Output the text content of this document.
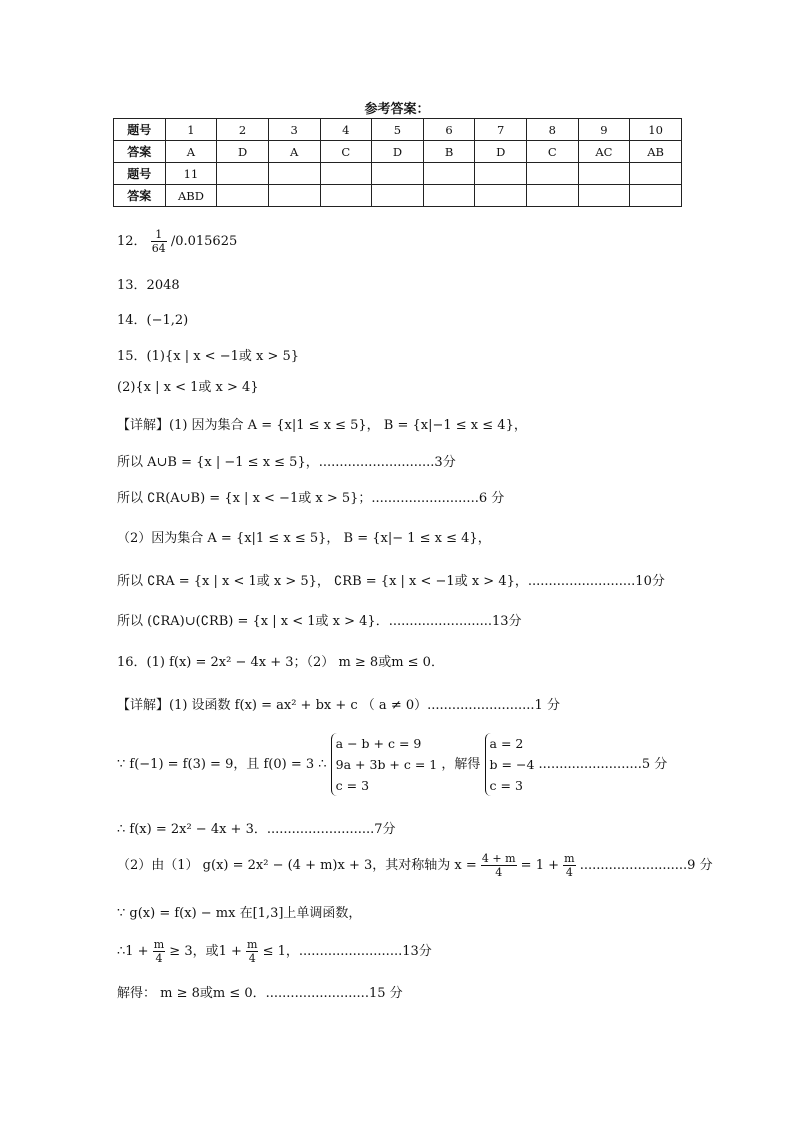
参考答案：
题号	1	2	3	4	5	6	7	8	9	10
答案	A	D	A	C	D	B	D	C	AC	AB
题号	11									
答案	ABD									
12． $\frac{1}{64} /0.015625$
13．2048
14．(−1,2)
15．(1){x | x < −1或 x > 5}
(2){x | x < 1或 x > 4}
【详解】(1) 因为集合 A = {x|1 ≤ x ≤ 5}， B = {x|−1 ≤ x ≤ 4}，
所以 A∪B = {x | −1 ≤ x ≤ 5}，............................3分
所以 ∁R(A∪B) = {x | x < −1或 x > 5}；..........................6 分
（2）因为集合 A = {x|1 ≤ x ≤ 5}， B = {x|− 1 ≤ x ≤ 4}，
所以 ∁RA = {x | x < 1或 x > 5}， ∁RB = {x | x < −1或 x > 4}，..........................10分
所以 (∁RA)∪(∁RB) = {x | x < 1或 x > 4}．.........................13分
16．(1) f(x) = 2x² − 4x + 3；（2） m ≥ 8或m ≤ 0．
【详解】(1) 设函数 f(x) = ax² + bx + c （ a ≠ 0）..........................1 分
∵ f(−1) = f(3) = 9，且 f(0) = 3 ∴
a − b + c = 9
9a + 3b + c = 1
c = 3
，解得
a = 2
b = −4
c = 3
.........................5 分
∴ f(x) = 2x² − 4x + 3．..........................7分
（2）由（1） g(x) = 2x² − (4 + m)x + 3，其对称轴为 $x = \frac{4 + m}{4} = 1 + \frac{m}{4} ..........................9$ 分
∵ g(x) = f(x) − mx 在[1,3]上单调函数，
∴1 + $\frac{m}{4} \ge 3$，或$1 + \frac{m}{4} \le 1$，.........................13分
解得： m ≥ 8或m ≤ 0．.........................15 分
